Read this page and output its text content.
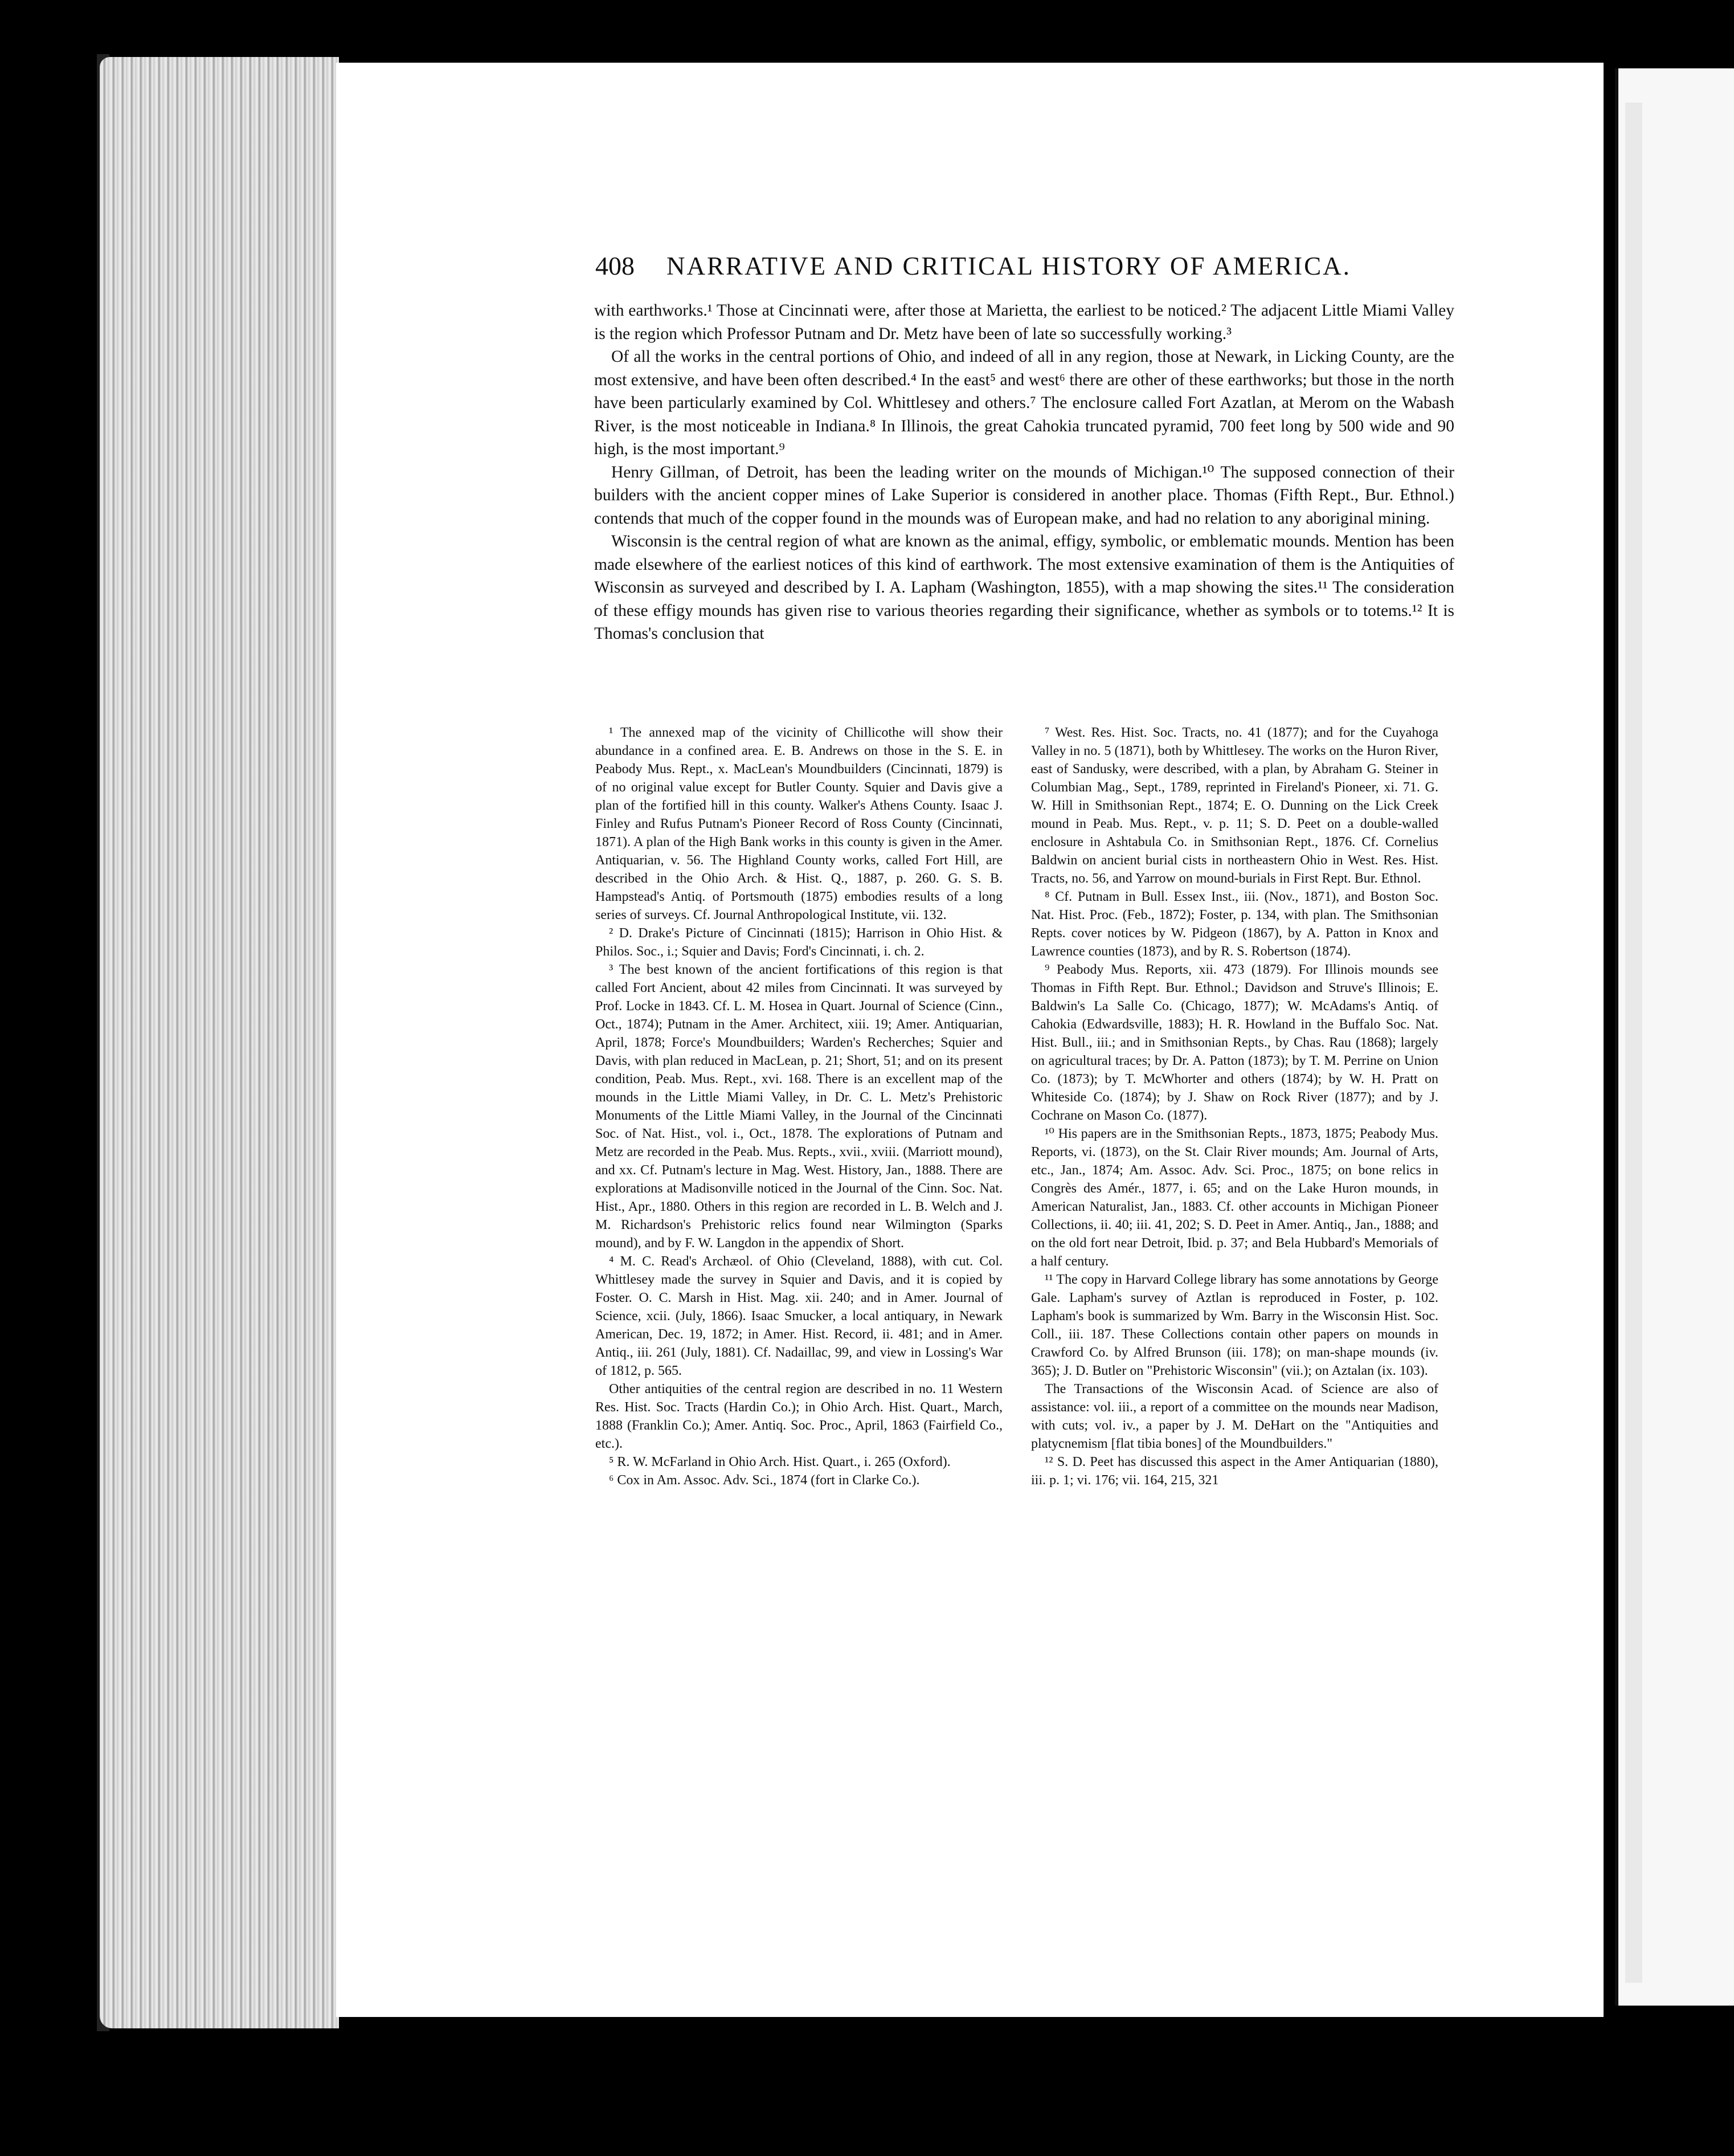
408 NARRATIVE AND CRITICAL HISTORY OF AMERICA.

with earthworks.¹ Those at Cincinnati were, after those at Marietta, the earliest to be noticed.² The adjacent Little Miami Valley is the region which Professor Putnam and Dr. Metz have been of late so successfully working.³

Of all the works in the central portions of Ohio, and indeed of all in any region, those at Newark, in Licking County, are the most extensive, and have been often described.⁴ In the east⁵ and west⁶ there are other of these earthworks; but those in the north have been particularly examined by Col. Whittlesey and others.⁷ The enclosure called Fort Azatlan, at Merom on the Wabash River, is the most noticeable in Indiana.⁸ In Illinois, the great Cahokia truncated pyramid, 700 feet long by 500 wide and 90 high, is the most important.⁹

Henry Gillman, of Detroit, has been the leading writer on the mounds of Michigan.¹⁰ The supposed connection of their builders with the ancient copper mines of Lake Superior is considered in another place. Thomas (Fifth Rept., Bur. Ethnol.) contends that much of the copper found in the mounds was of European make, and had no relation to any aboriginal mining.

Wisconsin is the central region of what are known as the animal, effigy, symbolic, or emblematic mounds. Mention has been made elsewhere of the earliest notices of this kind of earthwork. The most extensive examination of them is the Antiquities of Wisconsin as surveyed and described by I. A. Lapham (Washington, 1855), with a map showing the sites.¹¹ The consideration of these effigy mounds has given rise to various theories regarding their significance, whether as symbols or to totems.¹² It is Thomas's conclusion that

¹ The annexed map of the vicinity of Chillicothe will show their abundance in a confined area. E. B. Andrews on those in the S. E. in Peabody Mus. Rept., x. MacLean's Moundbuilders (Cincinnati, 1879) is of no original value except for Butler County. Squier and Davis give a plan of the fortified hill in this county. Walker's Athens County. Isaac J. Finley and Rufus Putnam's Pioneer Record of Ross County (Cincinnati, 1871). A plan of the High Bank works in this county is given in the Amer. Antiquarian, v. 56. The Highland County works, called Fort Hill, are described in the Ohio Arch. & Hist. Q., 1887, p. 260. G. S. B. Hampstead's Antiq. of Portsmouth (1875) embodies results of a long series of surveys. Cf. Journal Anthropological Institute, vii. 132.

² D. Drake's Picture of Cincinnati (1815); Harrison in Ohio Hist. & Philos. Soc., i.; Squier and Davis; Ford's Cincinnati, i. ch. 2.

³ The best known of the ancient fortifications of this region is that called Fort Ancient, about 42 miles from Cincinnati. It was surveyed by Prof. Locke in 1843. Cf. L. M. Hosea in Quart. Journal of Science (Cinn., Oct., 1874); Putnam in the Amer. Architect, xiii. 19; Amer. Antiquarian, April, 1878; Force's Moundbuilders; Warden's Recherches; Squier and Davis, with plan reduced in MacLean, p. 21; Short, 51; and on its present condition, Peab. Mus. Rept., xvi. 168. There is an excellent map of the mounds in the Little Miami Valley, in Dr. C. L. Metz's Prehistoric Monuments of the Little Miami Valley, in the Journal of the Cincinnati Soc. of Nat. Hist., vol. i., Oct., 1878. The explorations of Putnam and Metz are recorded in the Peab. Mus. Repts., xvii., xviii. (Marriott mound), and xx. Cf. Putnam's lecture in Mag. West. History, Jan., 1888. There are explorations at Madisonville noticed in the Journal of the Cinn. Soc. Nat. Hist., Apr., 1880. Others in this region are recorded in L. B. Welch and J. M. Richardson's Prehistoric relics found near Wilmington (Sparks mound), and by F. W. Langdon in the appendix of Short.

⁴ M. C. Read's Archæol. of Ohio (Cleveland, 1888), with cut. Col. Whittlesey made the survey in Squier and Davis, and it is copied by Foster. O. C. Marsh in Hist. Mag. xii. 240; and in Amer. Journal of Science, xcii. (July, 1866). Isaac Smucker, a local antiquary, in Newark American, Dec. 19, 1872; in Amer. Hist. Record, ii. 481; and in Amer. Antiq., iii. 261 (July, 1881). Cf. Nadaillac, 99, and view in Lossing's War of 1812, p. 565.

Other antiquities of the central region are described in no. 11 Western Res. Hist. Soc. Tracts (Hardin Co.); in Ohio Arch. Hist. Quart., March, 1888 (Franklin Co.); Amer. Antiq. Soc. Proc., April, 1863 (Fairfield Co., etc.).

⁵ R. W. McFarland in Ohio Arch. Hist. Quart., i. 265 (Oxford).

⁶ Cox in Am. Assoc. Adv. Sci., 1874 (fort in Clarke Co.).

⁷ West. Res. Hist. Soc. Tracts, no. 41 (1877); and for the Cuyahoga Valley in no. 5 (1871), both by Whittlesey. The works on the Huron River, east of Sandusky, were described, with a plan, by Abraham G. Steiner in Columbian Mag., Sept., 1789, reprinted in Fireland's Pioneer, xi. 71. G. W. Hill in Smithsonian Rept., 1874; E. O. Dunning on the Lick Creek mound in Peab. Mus. Rept., v. p. 11; S. D. Peet on a double-walled enclosure in Ashtabula Co. in Smithsonian Rept., 1876. Cf. Cornelius Baldwin on ancient burial cists in northeastern Ohio in West. Res. Hist. Tracts, no. 56, and Yarrow on mound-burials in First Rept. Bur. Ethnol.

⁸ Cf. Putnam in Bull. Essex Inst., iii. (Nov., 1871), and Boston Soc. Nat. Hist. Proc. (Feb., 1872); Foster, p. 134, with plan. The Smithsonian Repts. cover notices by W. Pidgeon (1867), by A. Patton in Knox and Lawrence counties (1873), and by R. S. Robertson (1874).

⁹ Peabody Mus. Reports, xii. 473 (1879). For Illinois mounds see Thomas in Fifth Rept. Bur. Ethnol.; Davidson and Struve's Illinois; E. Baldwin's La Salle Co. (Chicago, 1877); W. McAdams's Antiq. of Cahokia (Edwardsville, 1883); H. R. Howland in the Buffalo Soc. Nat. Hist. Bull., iii.; and in Smithsonian Repts., by Chas. Rau (1868); largely on agricultural traces; by Dr. A. Patton (1873); by T. M. Perrine on Union Co. (1873); by T. McWhorter and others (1874); by W. H. Pratt on Whiteside Co. (1874); by J. Shaw on Rock River (1877); and by J. Cochrane on Mason Co. (1877).

¹⁰ His papers are in the Smithsonian Repts., 1873, 1875; Peabody Mus. Reports, vi. (1873), on the St. Clair River mounds; Am. Journal of Arts, etc., Jan., 1874; Am. Assoc. Adv. Sci. Proc., 1875; on bone relics in Congrès des Amér., 1877, i. 65; and on the Lake Huron mounds, in American Naturalist, Jan., 1883. Cf. other accounts in Michigan Pioneer Collections, ii. 40; iii. 41, 202; S. D. Peet in Amer. Antiq., Jan., 1888; and on the old fort near Detroit, Ibid. p. 37; and Bela Hubbard's Memorials of a half century.

¹¹ The copy in Harvard College library has some annotations by George Gale. Lapham's survey of Aztlan is reproduced in Foster, p. 102. Lapham's book is summarized by Wm. Barry in the Wisconsin Hist. Soc. Coll., iii. 187. These Collections contain other papers on mounds in Crawford Co. by Alfred Brunson (iii. 178); on man-shape mounds (iv. 365); J. D. Butler on "Prehistoric Wisconsin" (vii.); on Aztalan (ix. 103).

The Transactions of the Wisconsin Acad. of Science are also of assistance: vol. iii., a report of a committee on the mounds near Madison, with cuts; vol. iv., a paper by J. M. DeHart on the "Antiquities and platycnemism [flat tibia bones] of the Moundbuilders."

¹² S. D. Peet has discussed this aspect in the Amer Antiquarian (1880), iii. p. 1; vi. 176; vii. 164, 215, 321
